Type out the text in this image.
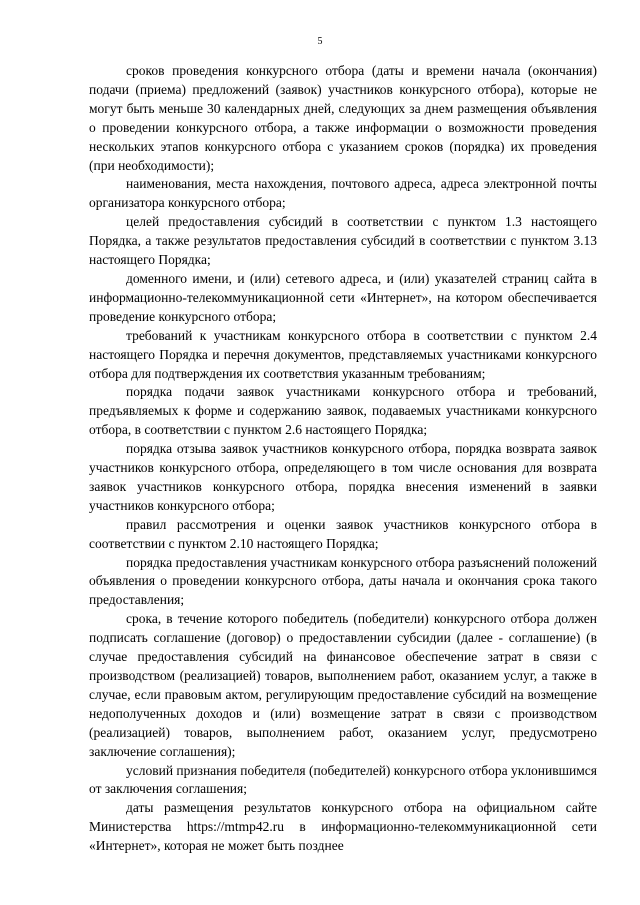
5

сроков проведения конкурсного отбора (даты и времени начала (окончания) подачи (приема) предложений (заявок) участников конкурсного отбора), которые не могут быть меньше 30 календарных дней, следующих за днем размещения объявления о проведении конкурсного отбора, а также информации о возможности проведения нескольких этапов конкурсного отбора с указанием сроков (порядка) их проведения (при необходимости);

наименования, места нахождения, почтового адреса, адреса электронной почты организатора конкурсного отбора;

целей предоставления субсидий в соответствии с пунктом 1.3 настоящего Порядка, а также результатов предоставления субсидий в соответствии с пунктом 3.13 настоящего Порядка;

доменного имени, и (или) сетевого адреса, и (или) указателей страниц сайта в информационно-телекоммуникационной сети «Интернет», на котором обеспечивается проведение конкурсного отбора;

требований к участникам конкурсного отбора в соответствии с пунктом 2.4 настоящего Порядка и перечня документов, представляемых участниками конкурсного отбора для подтверждения их соответствия указанным требованиям;

порядка подачи заявок участниками конкурсного отбора и требований, предъявляемых к форме и содержанию заявок, подаваемых участниками конкурсного отбора, в соответствии с пунктом 2.6 настоящего Порядка;

порядка отзыва заявок участников конкурсного отбора, порядка возврата заявок участников конкурсного отбора, определяющего в том числе основания для возврата заявок участников конкурсного отбора, порядка внесения изменений в заявки участников конкурсного отбора;

правил рассмотрения и оценки заявок участников конкурсного отбора в соответствии с пунктом 2.10 настоящего Порядка;

порядка предоставления участникам конкурсного отбора разъяснений положений объявления о проведении конкурсного отбора, даты начала и окончания срока такого предоставления;

срока, в течение которого победитель (победители) конкурсного отбора должен подписать соглашение (договор) о предоставлении субсидии (далее - соглашение) (в случае предоставления субсидий на финансовое обеспечение затрат в связи с производством (реализацией) товаров, выполнением работ, оказанием услуг, а также в случае, если правовым актом, регулирующим предоставление субсидий на возмещение недополученных доходов и (или) возмещение затрат в связи с производством (реализацией) товаров, выполнением работ, оказанием услуг, предусмотрено заключение соглашения);

условий признания победителя (победителей) конкурсного отбора уклонившимся от заключения соглашения;

даты размещения результатов конкурсного отбора на официальном сайте Министерства https://mtmp42.ru в информационно-телекоммуникационной сети «Интернет», которая не может быть позднее
